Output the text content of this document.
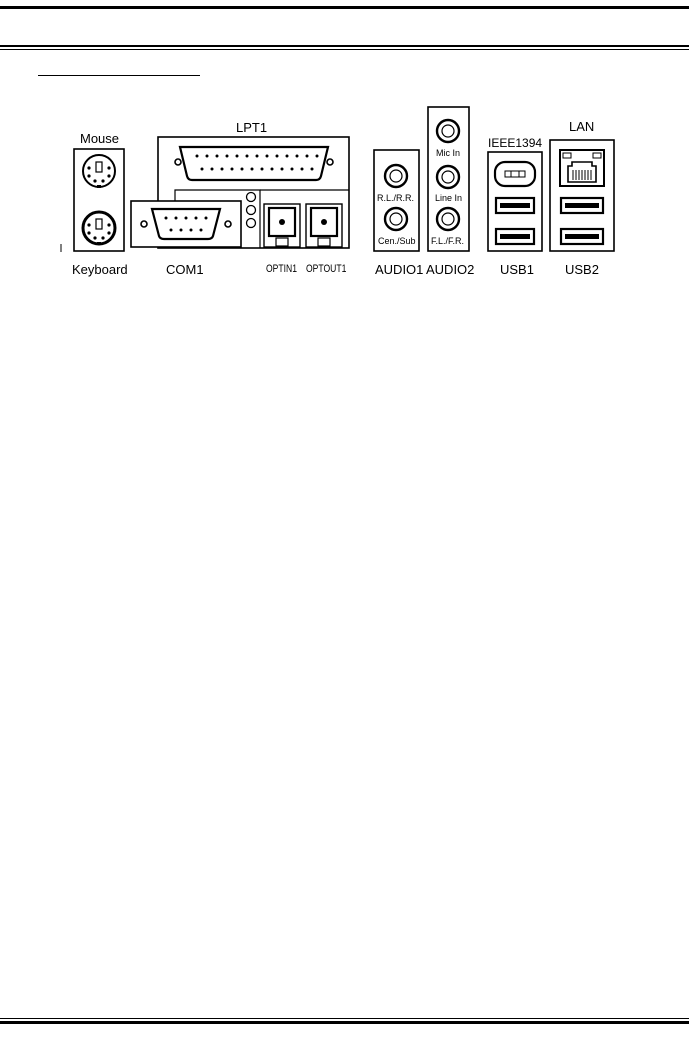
Mouse
Keyboard
LPT1
COM1	OPTIN1 OPTOUT1 AUDIO1 AUDIO2 USB1 USB2
IEEE1394
LAN
R.L./R.R.
Cen./Sub
Mic In
Line In
F.L./F.R.
